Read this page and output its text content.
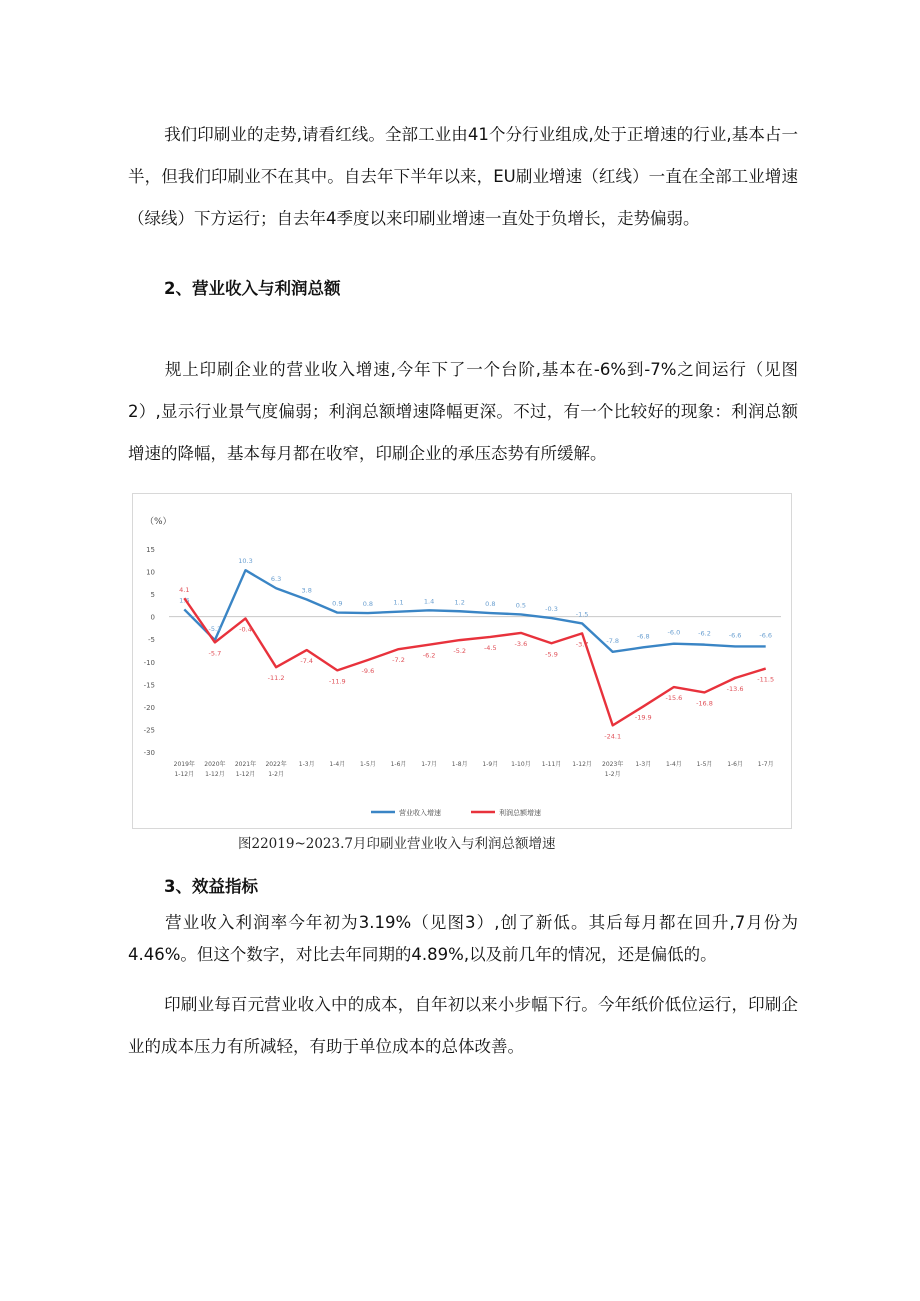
我们印刷业的走势,请看红线。全部工业由41个分行业组成,处于正增速的行业,基本占一半，但我们印刷业不在其中。自去年下半年以来，EU刷业增速（红线）一直在全部工业增速（绿线）下方运行；自去年4季度以来印刷业增速一直处于负增长，走势偏弱。

2、营业收入与利润总额

规上印刷企业的营业收入增速,今年下了一个台阶,基本在-6%到-7%之间运行（见图2）,显示行业景气度偏弱；利润总额增速降幅更深。不过，有一个比较好的现象：利润总额增速的降幅，基本每月都在收窄，印刷企业的承压态势有所缓解。

（%）
15
10
5
0
-5
-10
-15
-20
-25
-30
2019年
1-12月
2020年
1-12月
2021年
1-12月
2022年
1-2月
1-3月 1-4月 1-5月 1-6月 1-7月 1-8月 1-9月 1-10月 1-11月 1-12月 2023年
1-2月
1-3月 1-4月 1-5月 1-6月 1-7月
1.6
-5.2
10.3
6.3
3.8
0.9	0.8	1.1	1.4	1.2	0.8	0.5	-0.3
-1.5
-7.8
-6.8	-6.0	-6.2	-6.6	-6.6
4.1
-5.7
-0.4
-11.2
-7.4
-11.9
-9.6
-7.2
-6.2
-5.2	-4.5
-3.6
-5.9
-3.7
-24.1
-19.9
-15.6
-16.8
-13.6
-11.5
营业收入增速	利润总额增速
图22019~2023.7月印刷业营业收入与利润总额增速

3、效益指标

营业收入利润率今年初为3.19%（见图3）,创了新低。其后每月都在回升,7月份为4.46%。但这个数字，对比去年同期的4.89%,以及前几年的情况，还是偏低的。

印刷业每百元营业收入中的成本，自年初以来小步幅下行。今年纸价低位运行，印刷企业的成本压力有所减轻，有助于单位成本的总体改善。
